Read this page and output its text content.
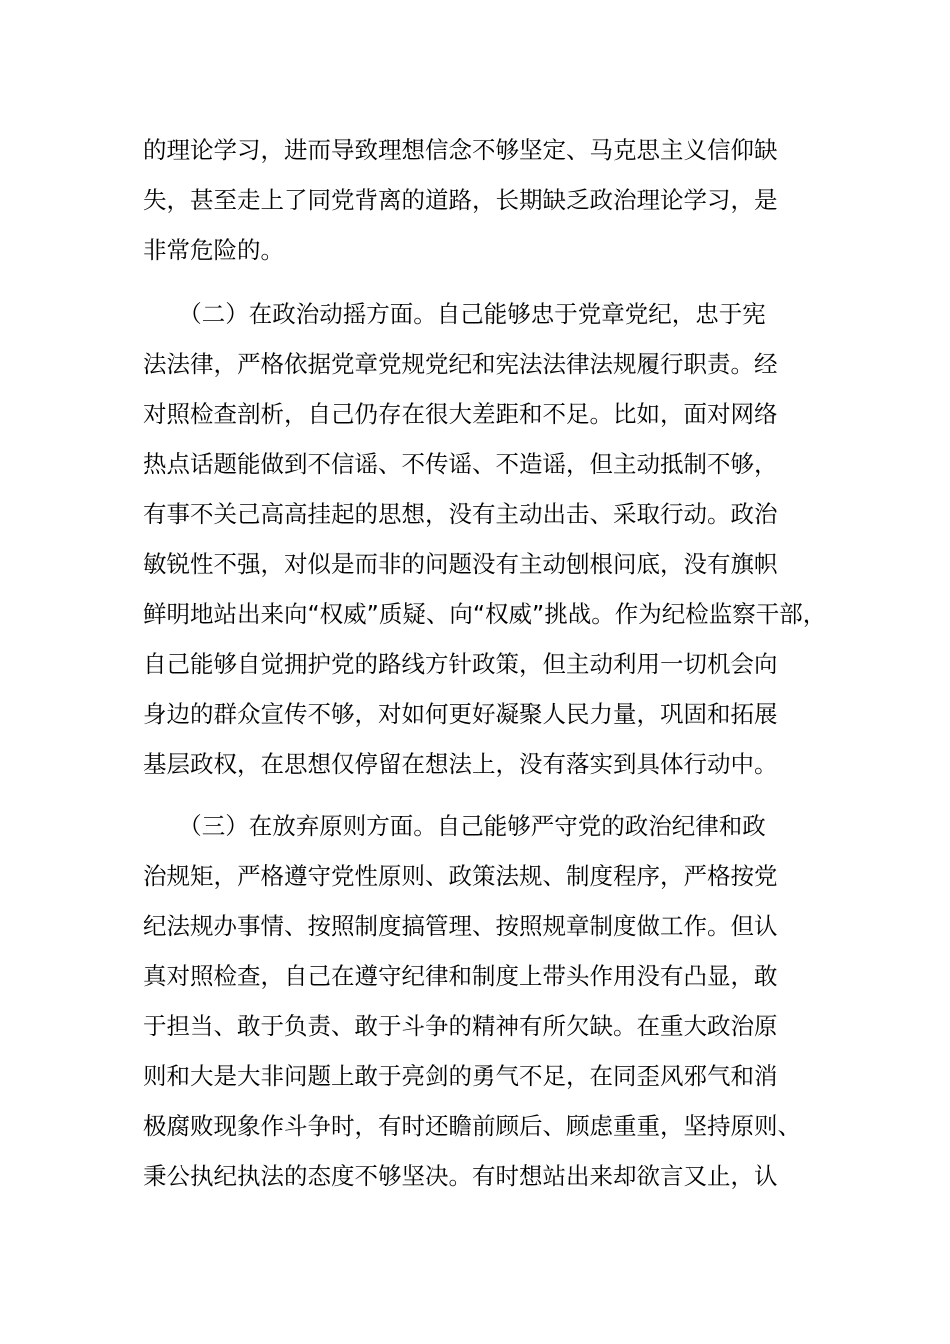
的理论学习，进而导致理想信念不够坚定、马克思主义信仰缺
失，甚至走上了同党背离的道路，长期缺乏政治理论学习，是
非常危险的。
　　（二）在政治动摇方面。自己能够忠于党章党纪，忠于宪
法法律，严格依据党章党规党纪和宪法法律法规履行职责。经
对照检查剖析，自己仍存在很大差距和不足。比如，面对网络
热点话题能做到不信谣、不传谣、不造谣，但主动抵制不够，
有事不关己高高挂起的思想，没有主动出击、采取行动。政治
敏锐性不强，对似是而非的问题没有主动刨根问底，没有旗帜
鲜明地站出来向“权威”质疑、向“权威”挑战。作为纪检监察干部，
自己能够自觉拥护党的路线方针政策，但主动利用一切机会向
身边的群众宣传不够，对如何更好凝聚人民力量，巩固和拓展
基层政权，在思想仅停留在想法上，没有落实到具体行动中。
　　（三）在放弃原则方面。自己能够严守党的政治纪律和政
治规矩，严格遵守党性原则、政策法规、制度程序，严格按党
纪法规办事情、按照制度搞管理、按照规章制度做工作。但认
真对照检查，自己在遵守纪律和制度上带头作用没有凸显，敢
于担当、敢于负责、敢于斗争的精神有所欠缺。在重大政治原
则和大是大非问题上敢于亮剑的勇气不足，在同歪风邪气和消
极腐败现象作斗争时，有时还瞻前顾后、顾虑重重，坚持原则、
秉公执纪执法的态度不够坚决。有时想站出来却欲言又止，认
